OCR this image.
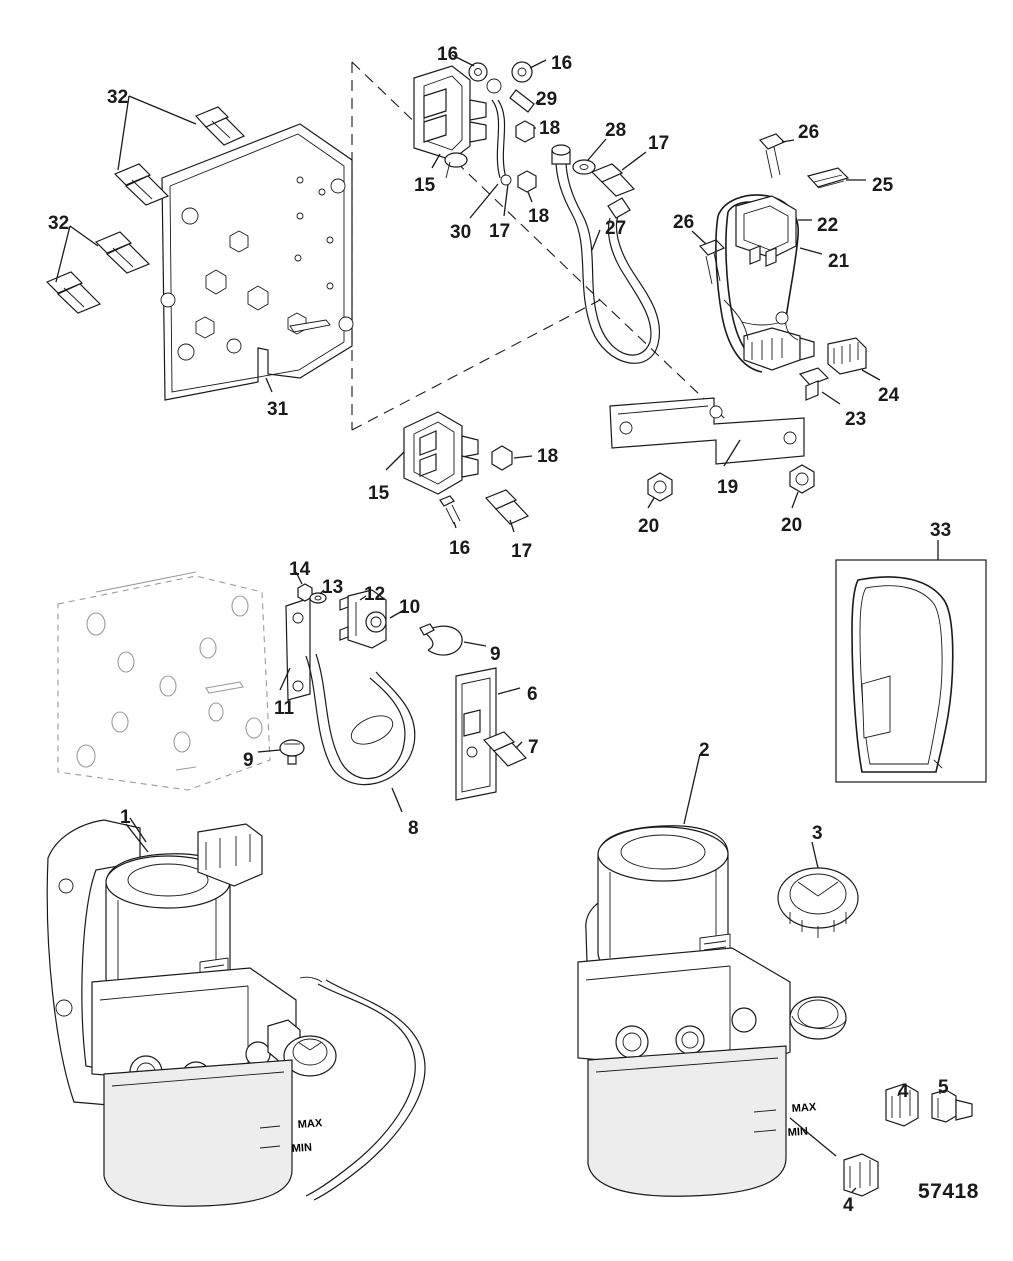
MAX
MIN
MAX
MIN
32
16	16
29
18 28
17
26
25
32
15
30 17
18
27 26	22
21
24
23
31
15
18
16 17
19
20	20	33
14
13 12
10
9
11
6
7
9	2
8
1
3
4 5
4
57418
